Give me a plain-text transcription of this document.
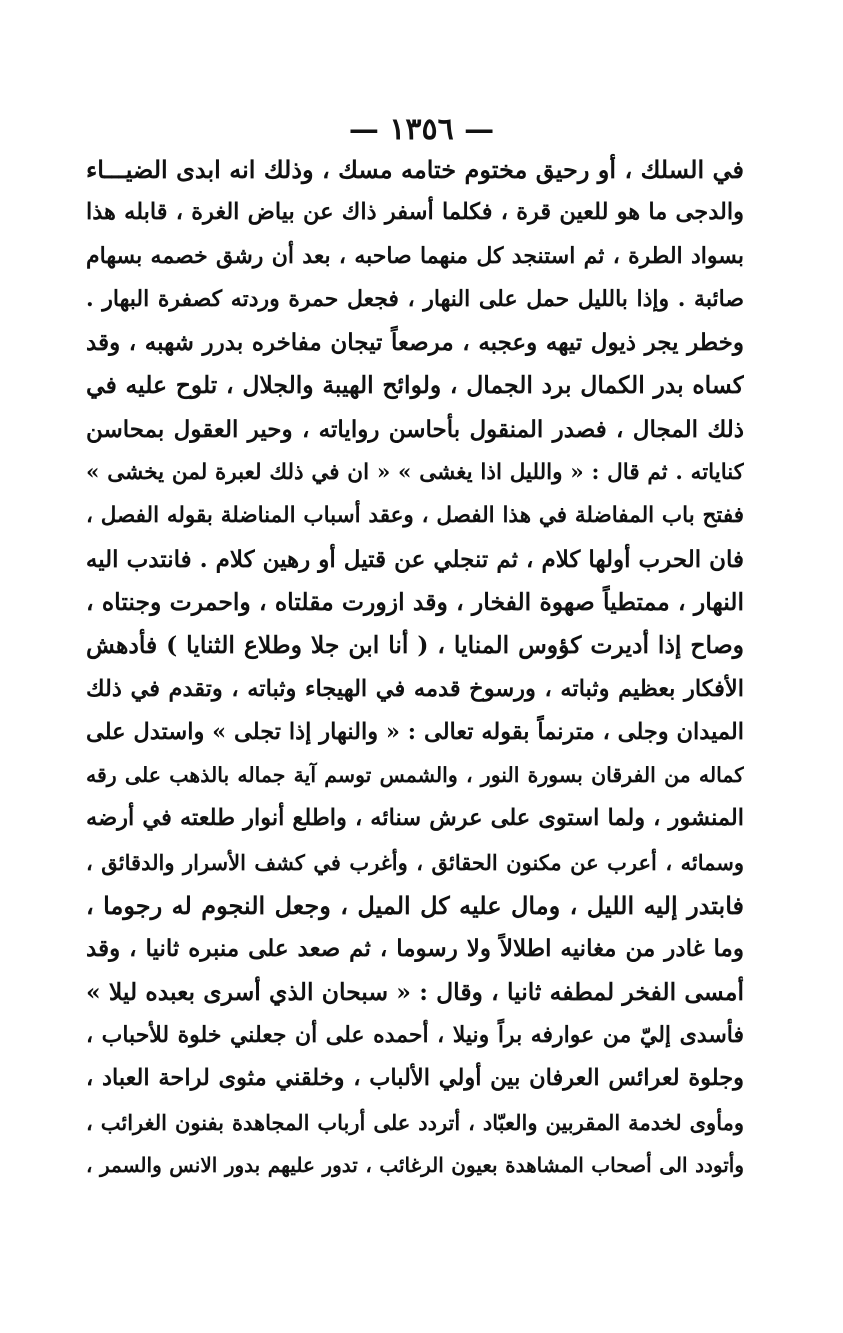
— ١٣٥٦ —
في السلك ، أو رحيق مختوم ختامه مسك ، وذلك انه ابدى الضيـــاء
والدجى ما هو للعين قرة ، فكلما أسفر ذاك عن بياض الغرة ، قابله هذا
بسواد الطرة ، ثم استنجد كل منهما صاحبه ، بعد أن رشق خصمه بسهام
صائبة . وإذا بالليل حمل على النهار ، فجعل حمرة وردته كصفرة البهار .
وخطر يجر ذيول تيهه وعجبه ، مرصعاً تيجان مفاخره بدرر شهبه ، وقد
كساه بدر الكمال برد الجمال ، ولوائح الهيبة والجلال ، تلوح عليه في
ذلك المجال ، فصدر المنقول بأحاسن رواياته ، وحير العقول بمحاسن
كناياته . ثم قال : « والليل اذا يغشى » « ان في ذلك لعبرة لمن يخشى »
ففتح باب المفاضلة في هذا الفصل ، وعقد أسباب المناضلة بقوله الفصل ،
فان الحرب أولها كلام ، ثم تنجلي عن قتيل أو رهين كلام . فانتدب اليه
النهار ، ممتطياً صهوة الفخار ، وقد ازورت مقلتاه ، واحمرت وجنتاه ،
وصاح إذا أديرت كؤوس المنايا ، ( أنا ابن جلا وطلاع الثنايا ) فأدهش
الأفكار بعظيم وثباته ، ورسوخ قدمه في الهيجاء وثباته ، وتقدم في ذلك
الميدان وجلى ، مترنماً بقوله تعالى : « والنهار إذا تجلى » واستدل على
كماله من الفرقان بسورة النور ، والشمس توسم آية جماله بالذهب على رقه
المنشور ، ولما استوى على عرش سنائه ، واطلع أنوار طلعته في أرضه
وسمائه ، أعرب عن مكنون الحقائق ، وأغرب في كشف الأسرار والدقائق ،
فابتدر إليه الليل ، ومال عليه كل الميل ، وجعل النجوم له رجوما ،
وما غادر من مغانيه اطلالاً ولا رسوما ، ثم صعد على منبره ثانيا ، وقد
أمسى الفخر لمطفه ثانيا ، وقال : « سبحان الذي أسرى بعبده ليلا »
فأسدى إليّ من عوارفه براً ونيلا ، أحمده على أن جعلني خلوة للأحباب ،
وجلوة لعرائس العرفان بين أولي الألباب ، وخلقني مثوى لراحة العباد ،
ومأوى لخدمة المقربين والعبّاد ، أتردد على أرباب المجاهدة بفنون الغرائب ،
وأتودد الى أصحاب المشاهدة بعيون الرغائب ، تدور عليهم بدور الانس والسمر ،
